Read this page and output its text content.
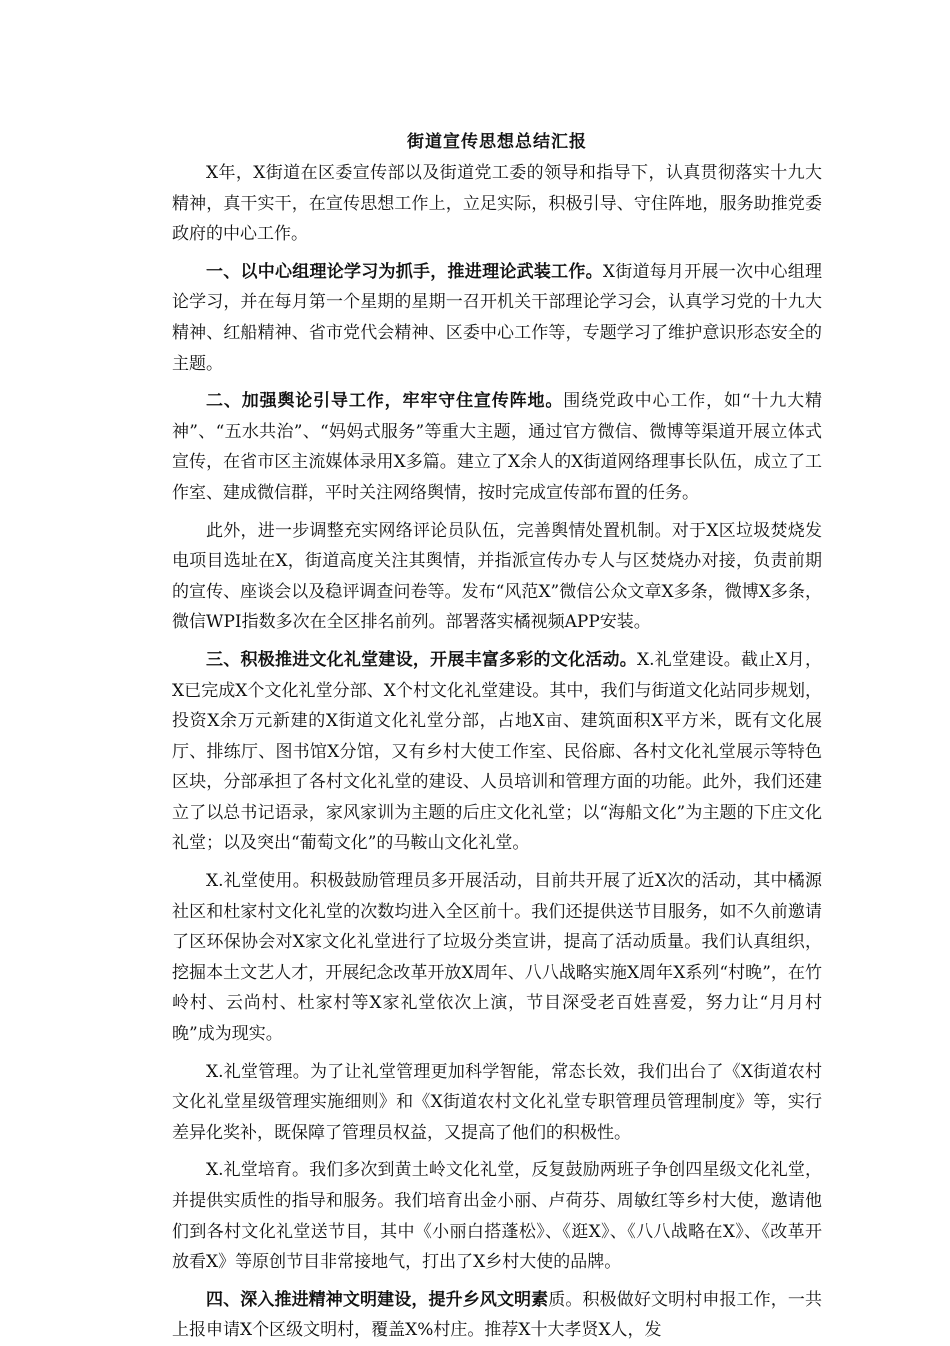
街道宣传思想总结汇报

X年，X街道在区委宣传部以及街道党工委的领导和指导下，认真贯彻落实十九大精神，真干实干，在宣传思想工作上，立足实际，积极引导、守住阵地，服务助推党委政府的中心工作。

一、以中心组理论学习为抓手，推进理论武装工作。X街道每月开展一次中心组理论学习，并在每月第一个星期的星期一召开机关干部理论学习会，认真学习党的十九大精神、红船精神、省市党代会精神、区委中心工作等，专题学习了维护意识形态安全的主题。

二、加强舆论引导工作，牢牢守住宣传阵地。围绕党政中心工作，如“十九大精神”、“五水共治”、“妈妈式服务”等重大主题，通过官方微信、微博等渠道开展立体式宣传，在省市区主流媒体录用X多篇。建立了X余人的X街道网络理事长队伍，成立了工作室、建成微信群，平时关注网络舆情，按时完成宣传部布置的任务。

此外，进一步调整充实网络评论员队伍，完善舆情处置机制。对于X区垃圾焚烧发电项目选址在X，街道高度关注其舆情，并指派宣传办专人与区焚烧办对接，负责前期的宣传、座谈会以及稳评调查问卷等。发布“风范X”微信公众文章X多条，微博X多条，微信WPI指数多次在全区排名前列。部署落实橘视频APP安装。

三、积极推进文化礼堂建设，开展丰富多彩的文化活动。X.礼堂建设。截止X月，X已完成X个文化礼堂分部、X个村文化礼堂建设。其中，我们与街道文化站同步规划，投资X余万元新建的X街道文化礼堂分部，占地X亩、建筑面积X平方米，既有文化展厅、排练厅、图书馆X分馆，又有乡村大使工作室、民俗廊、各村文化礼堂展示等特色区块，分部承担了各村文化礼堂的建设、人员培训和管理方面的功能。此外，我们还建立了以总书记语录，家风家训为主题的后庄文化礼堂；以“海船文化”为主题的下庄文化礼堂；以及突出“葡萄文化”的马鞍山文化礼堂。

X.礼堂使用。积极鼓励管理员多开展活动，目前共开展了近X次的活动，其中橘源社区和杜家村文化礼堂的次数均进入全区前十。我们还提供送节目服务，如不久前邀请了区环保协会对X家文化礼堂进行了垃圾分类宣讲，提高了活动质量。我们认真组织，挖掘本土文艺人才，开展纪念改革开放X周年、八八战略实施X周年X系列“村晚”，在竹岭村、云尚村、杜家村等X家礼堂依次上演，节目深受老百姓喜爱，努力让“月月村晚”成为现实。

X.礼堂管理。为了让礼堂管理更加科学智能，常态长效，我们出台了《X街道农村文化礼堂星级管理实施细则》和《X街道农村文化礼堂专职管理员管理制度》等，实行差异化奖补，既保障了管理员权益，又提高了他们的积极性。

X.礼堂培育。我们多次到黄土岭文化礼堂，反复鼓励两班子争创四星级文化礼堂，并提供实质性的指导和服务。我们培育出金小丽、卢荷芬、周敏红等乡村大使，邀请他们到各村文化礼堂送节目，其中《小丽白搭蓬松》、《逛X》、《八八战略在X》、《改革开放看X》等原创节目非常接地气，打出了X乡村大使的品牌。

四、深入推进精神文明建设，提升乡风文明素质。积极做好文明村申报工作，一共上报申请X个区级文明村，覆盖X%村庄。推荐X十大孝贤X人，发
